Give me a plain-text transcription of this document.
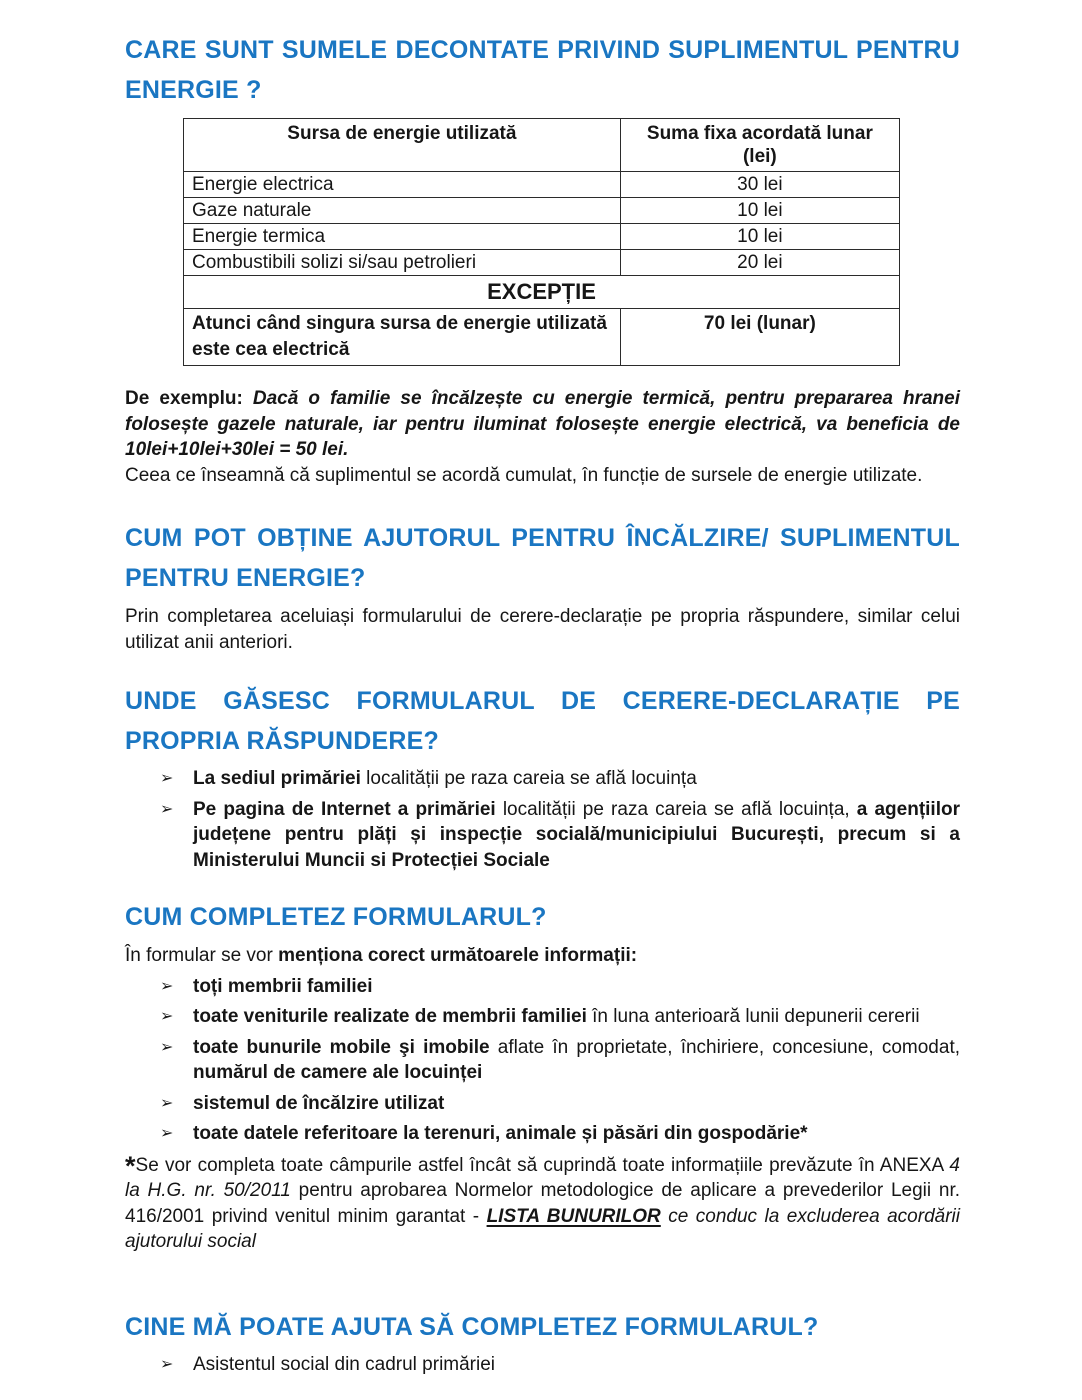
CARE SUNT SUMELE DECONTATE PRIVIND SUPLIMENTUL PENTRU ENERGIE ?
Sursa de energie utilizată	Suma fixa acordată lunar (lei)
Energie electrica	30 lei
Gaze naturale	10 lei
Energie termica	10 lei
Combustibili solizi si/sau petrolieri	20 lei
EXCEPȚIE	
Atunci când singura sursa de energie utilizată este cea electrică	70 lei (lunar)

De exemplu: Dacă o familie se încălzește cu energie termică, pentru prepararea hranei folosește gazele naturale, iar pentru iluminat folosește energie electrică, va beneficia de 10lei+10lei+30lei = 50 lei.

Ceea ce înseamnă că suplimentul se acordă cumulat, în funcție de sursele de energie utilizate.

CUM POT OBȚINE AJUTORUL PENTRU ÎNCĂLZIRE/ SUPLIMENTUL PENTRU ENERGIE?

Prin completarea aceluiași formularului de cerere-declarație pe propria răspundere, similar celui utilizat anii anteriori.

UNDE GĂSESC FORMULARUL DE CERERE-DECLARAȚIE PE PROPRIA RĂSPUNDERE?
➢	La sediul primăriei localității pe raza careia se află locuința
➢	Pe pagina de Internet a primăriei localității pe raza careia se află locuința, a agențiilor județene pentru plăți și inspecție socială/municipiului București, precum si a Ministerului Muncii si Protecției Sociale
CUM COMPLETEZ FORMULARUL?

În formular se vor menționa corect următoarele informații:

➢	toți membrii familiei
➢	toate veniturile realizate de membrii familiei în luna anterioară lunii depunerii cererii
➢	toate bunurile mobile şi imobile aflate în proprietate, închiriere, concesiune, comodat, numărul de camere ale locuinței
➢	sistemul de încălzire utilizat
➢	toate datele referitoare la terenuri, animale și păsări din gospodărie*

*Se vor completa toate câmpurile astfel încât să cuprindă toate informațiile prevăzute în ANEXA 4 la H.G. nr. 50/2011 pentru aprobarea Normelor metodologice de aplicare a prevederilor Legii nr. 416/2001 privind venitul minim garantat - LISTA BUNURILOR ce conduc la excluderea acordării ajutorului social

CINE MĂ POATE AJUTA SĂ COMPLETEZ FORMULARUL?
➢	Asistentul social din cadrul primăriei
